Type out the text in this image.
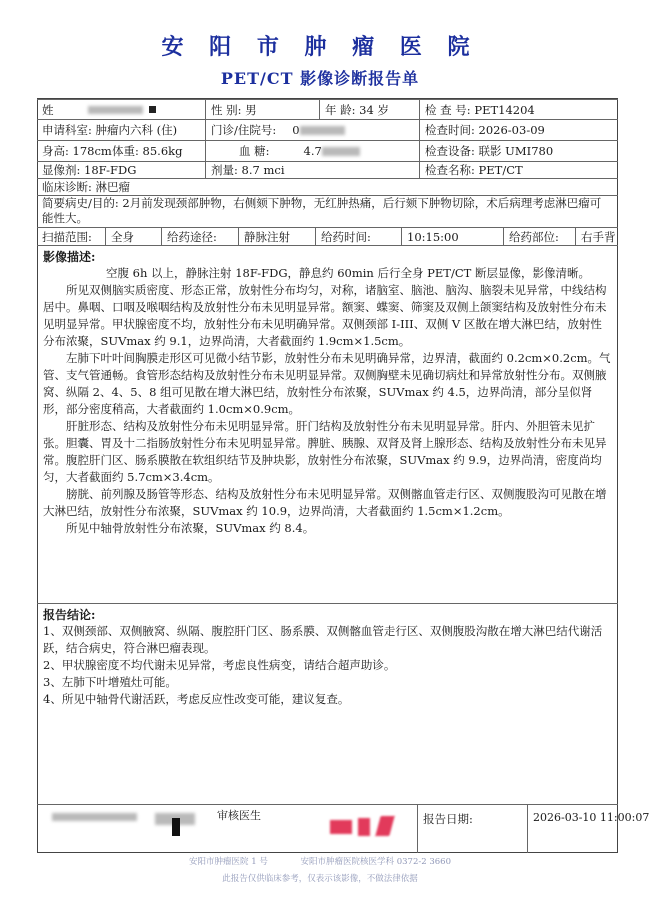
安 阳 市 肿 瘤 医 院
PET/CT 影像诊断报告单
姓	性 别: 男	年 龄: 34 岁	检 查 号: PET14204
申请科室: 肿瘤内六科 (住)	门诊/住院号: 0	检查时间: 2026-03-09
身高: 178cm 体重: 85.6kg	血 糖:	4.7	检查设备: 联影 UMI780
显像剂: 18F-FDG	剂量: 8.7 mci	检查名称: PET/CT
临床诊断: 淋巴瘤
简要病史/目的: 2月前发现颈部肿物，右侧颏下肿物，无红肿热痛，后行颏下肿物切除，术后病理考虑淋巴瘤可能性大。
扫描范围:	全身	给药途径:	静脉注射	给药时间:	10:15:00	给药部位:	右手背
影像描述:

空腹 6h 以上，静脉注射 18F-FDG，静息约 60min 后行全身 PET/CT 断层显像，影像清晰。

所见双侧脑实质密度、形态正常，放射性分布均匀，对称，诸脑室、脑池、脑沟、脑裂未见异常，中线结构居中。鼻咽、口咽及喉咽结构及放射性分布未见明显异常。额窦、蝶窦、筛窦及双侧上颌窦结构及放射性分布未见明显异常。甲状腺密度不均，放射性分布未见明确异常。双侧颈部 I-III、双侧 V 区散在增大淋巴结，放射性分布浓聚，SUVmax 约 9.1，边界尚清，大者截面约 1.9cm×1.5cm。

左肺下叶叶间胸膜走形区可见微小结节影，放射性分布未见明确异常，边界清，截面约 0.2cm×0.2cm。气管、支气管通畅。食管形态结构及放射性分布未见明显异常。双侧胸壁未见确切病灶和异常放射性分布。双侧腋窝、纵隔 2、4、5、8 组可见散在增大淋巴结，放射性分布浓聚，SUVmax 约 4.5，边界尚清，部分呈似肾形，部分密度稍高，大者截面约 1.0cm×0.9cm。

肝脏形态、结构及放射性分布未见明显异常。肝门结构及放射性分布未见明显异常。肝内、外胆管未见扩张。胆囊、胃及十二指肠放射性分布未见明显异常。脾脏、胰腺、双肾及肾上腺形态、结构及放射性分布未见异常。腹腔肝门区、肠系膜散在软组织结节及肿块影，放射性分布浓聚，SUVmax 约 9.9，边界尚清，密度尚均匀，大者截面约 5.7cm×3.4cm。

膀胱、前列腺及肠管等形态、结构及放射性分布未见明显异常。双侧髂血管走行区、双侧腹股沟可见散在增大淋巴结，放射性分布浓聚，SUVmax 约 10.9，边界尚清，大者截面约 1.5cm×1.2cm。

所见中轴骨放射性分布浓聚，SUVmax 约 8.4。

报告结论:

1、双侧颈部、双侧腋窝、纵隔、腹腔肝门区、肠系膜、双侧髂血管走行区、双侧腹股沟散在增大淋巴结代谢活跃，结合病史，符合淋巴瘤表现。

2、甲状腺密度不均代谢未见异常，考虑良性病变，请结合超声助诊。

3、左肺下叶增殖灶可能。

4、所见中轴骨代谢活跃，考虑反应性改变可能，建议复查。

审核医生	报告日期:	2026-03-10 11:00:07
安阳市肿瘤医院 1 号	安阳市肿瘤医院核医学科 0372-2 3660
此报告仅供临床参考，仅表示该影像，不做法律依据
